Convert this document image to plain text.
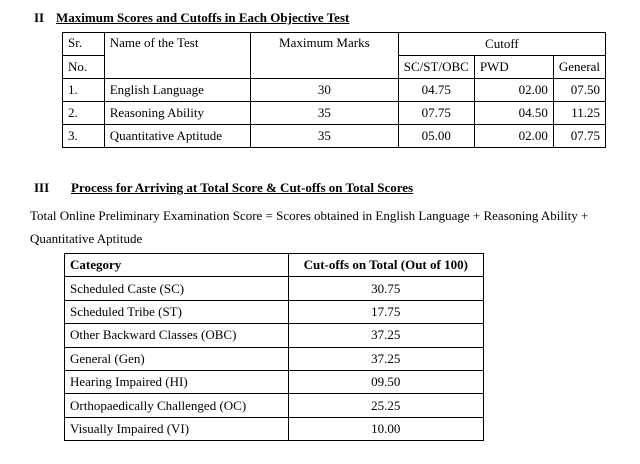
II Maximum Scores and Cutoffs in Each Objective Test
Sr.	Name of the Test	Maximum Marks	Cutoff		
No.			SC/ST/OBC	PWD	General
1.	English Language	30	04.75	02.00	07.50
2.	Reasoning Ability	35	07.75	04.50	11.25
3.	Quantitative Aptitude	35	05.00	02.00	07.75
III Process for Arriving at Total Score & Cut-offs on Total Scores
Total Online Preliminary Examination Score = Scores obtained in English Language + Reasoning Ability +
Quantitative Aptitude
Category	Cut-offs on Total (Out of 100)
Scheduled Caste (SC)	30.75
Scheduled Tribe (ST)	17.75
Other Backward Classes (OBC)	37.25
General (Gen)	37.25
Hearing Impaired (HI)	09.50
Orthopaedically Challenged (OC)	25.25
Visually Impaired (VI)	10.00
